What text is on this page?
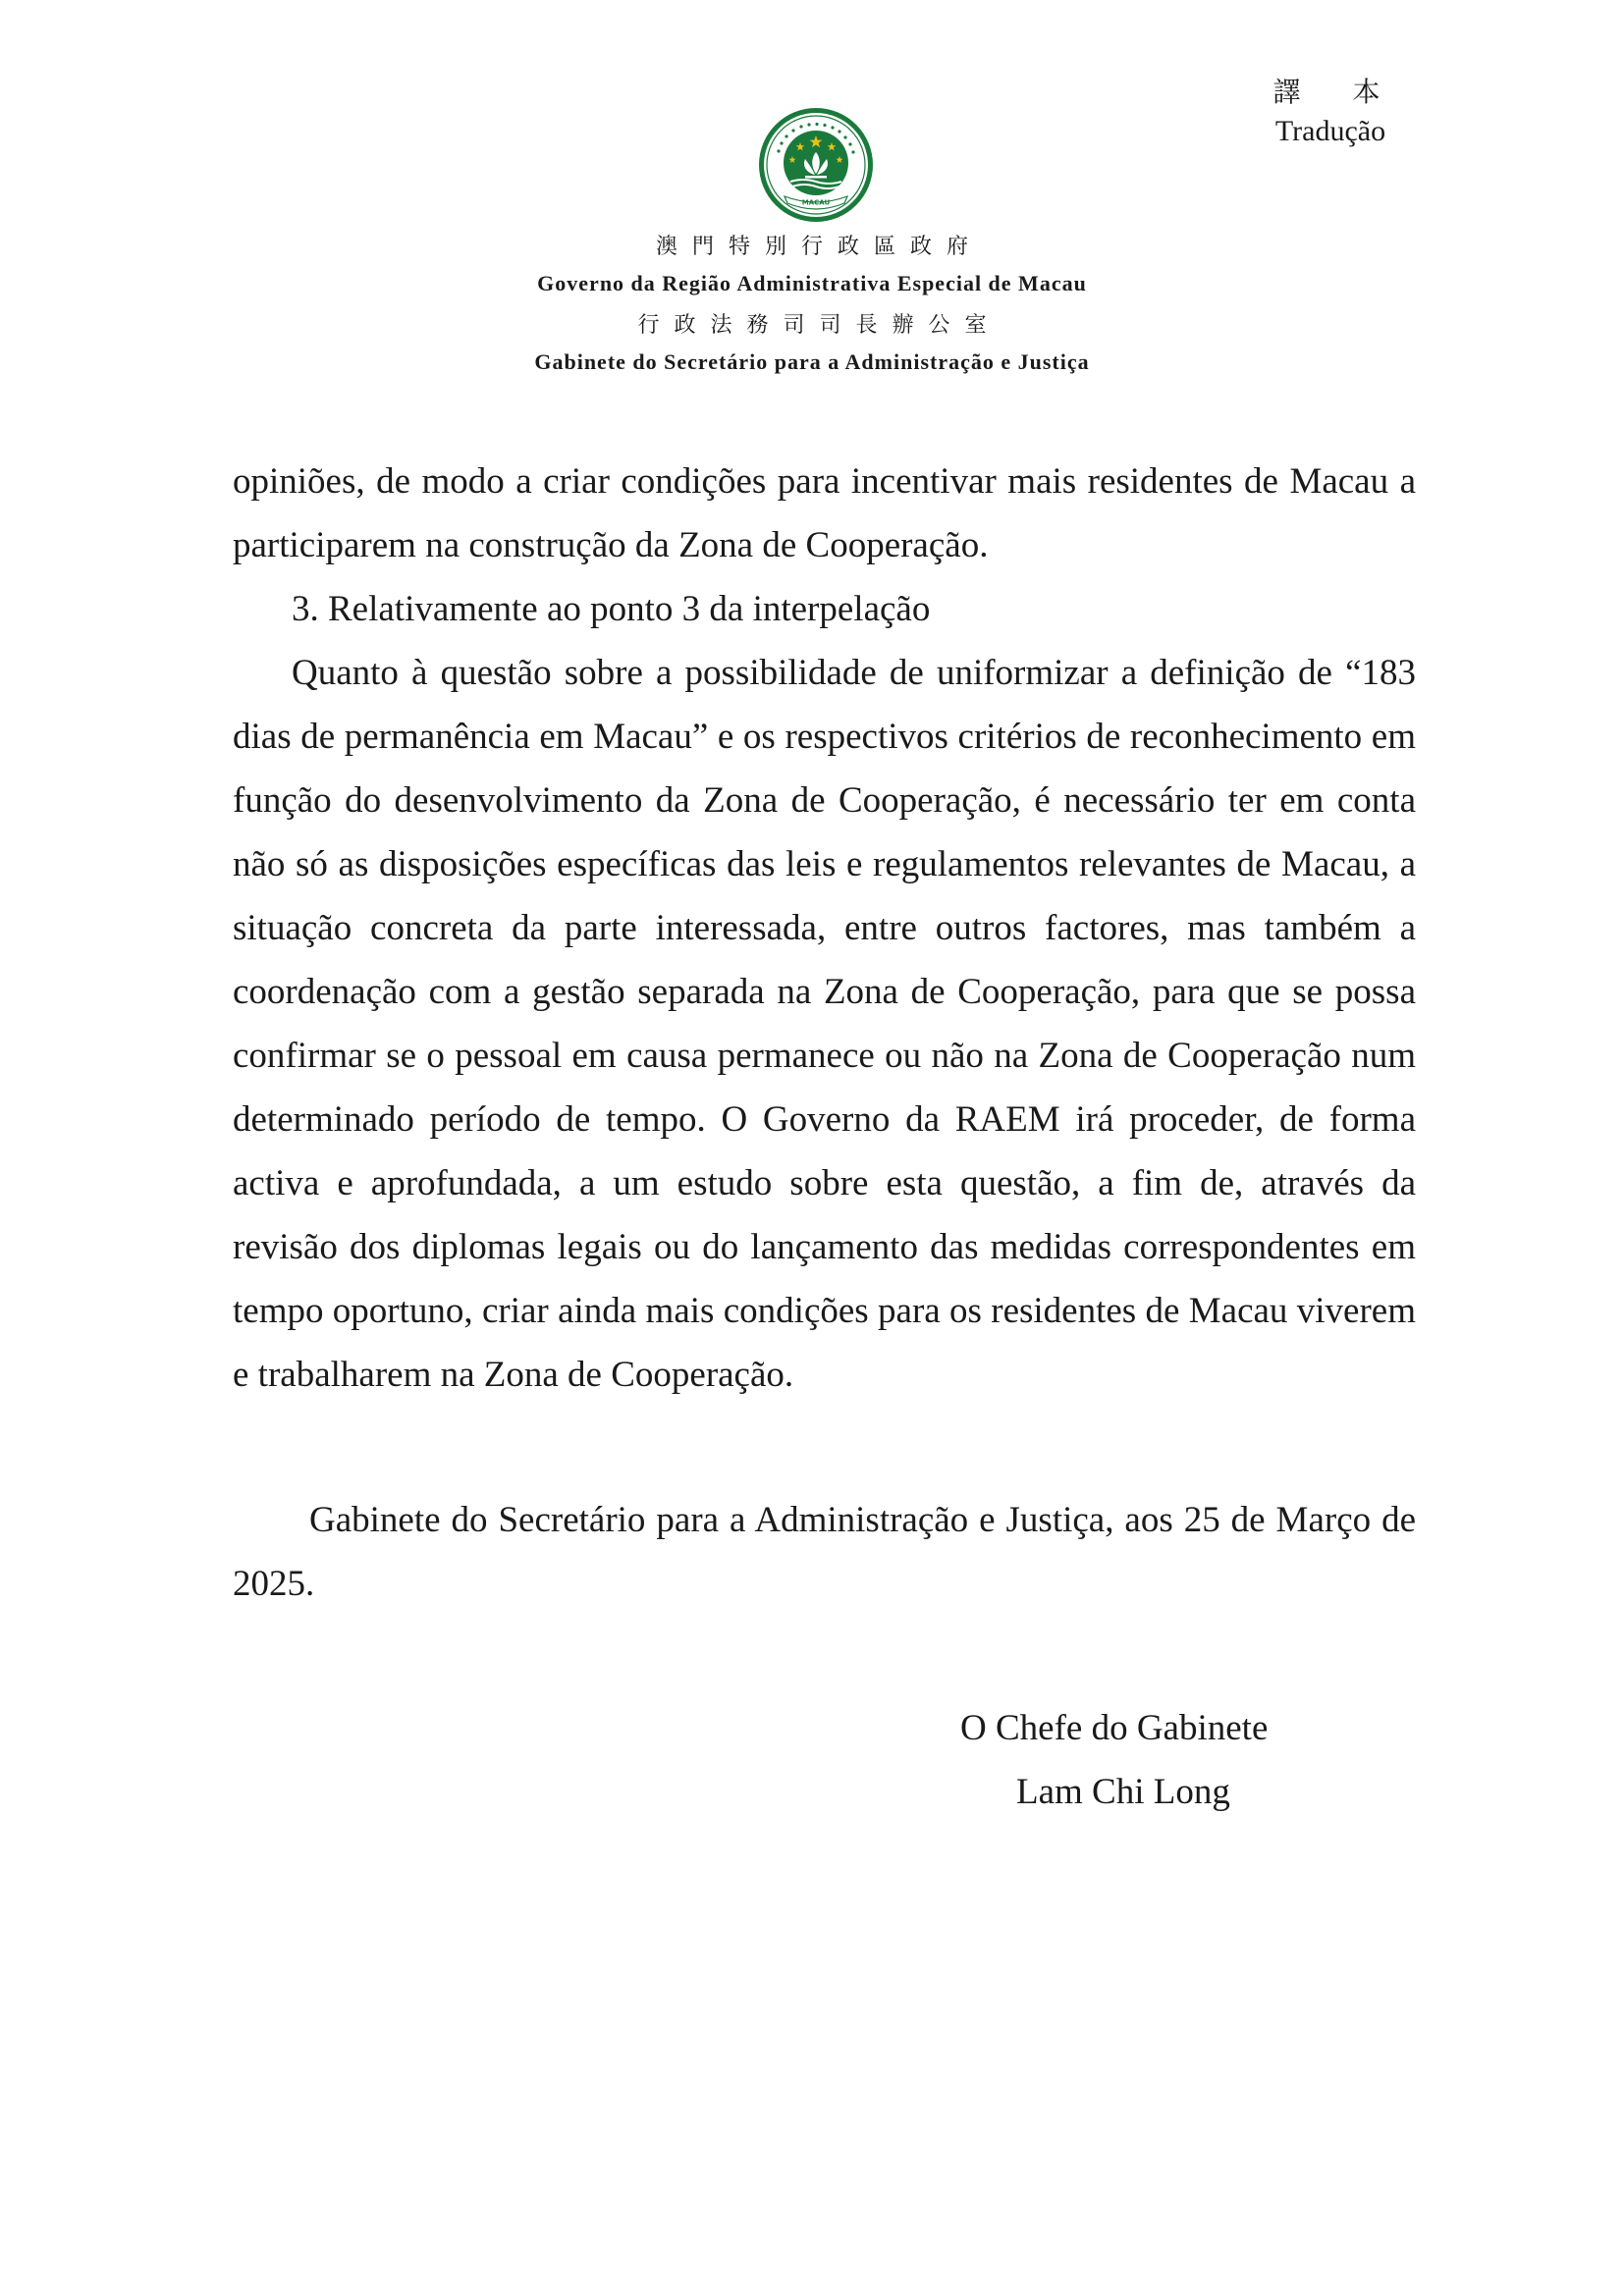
譯 本
Tradução
MACAU
澳門特別行政區政府
Governo da Região Administrativa Especial de Macau
行政法務司司長辦公室
Gabinete do Secretário para a Administração e Justiça

opiniões, de modo a criar condições para incentivar mais residentes de Macau a participarem na construção da Zona de Cooperação.

3. Relativamente ao ponto 3 da interpelação

Quanto à questão sobre a possibilidade de uniformizar a definição de “183 dias de permanência em Macau” e os respectivos critérios de reconhecimento em função do desenvolvimento da Zona de Cooperação, é necessário ter em conta não só as disposições específicas das leis e regulamentos relevantes de Macau, a situação concreta da parte interessada, entre outros factores, mas também a coordenação com a gestão separada na Zona de Cooperação, para que se possa confirmar se o pessoal em causa permanece ou não na Zona de Cooperação num determinado período de tempo. O Governo da RAEM irá proceder, de forma activa e aprofundada, a um estudo sobre esta questão, a fim de, através da revisão dos diplomas legais ou do lançamento das medidas correspondentes em tempo oportuno, criar ainda mais condições para os residentes de Macau viverem e trabalharem na Zona de Cooperação.

Gabinete do Secretário para a Administração e Justiça, aos 25 de Março de 2025.

O Chefe do Gabinete
Lam Chi Long
